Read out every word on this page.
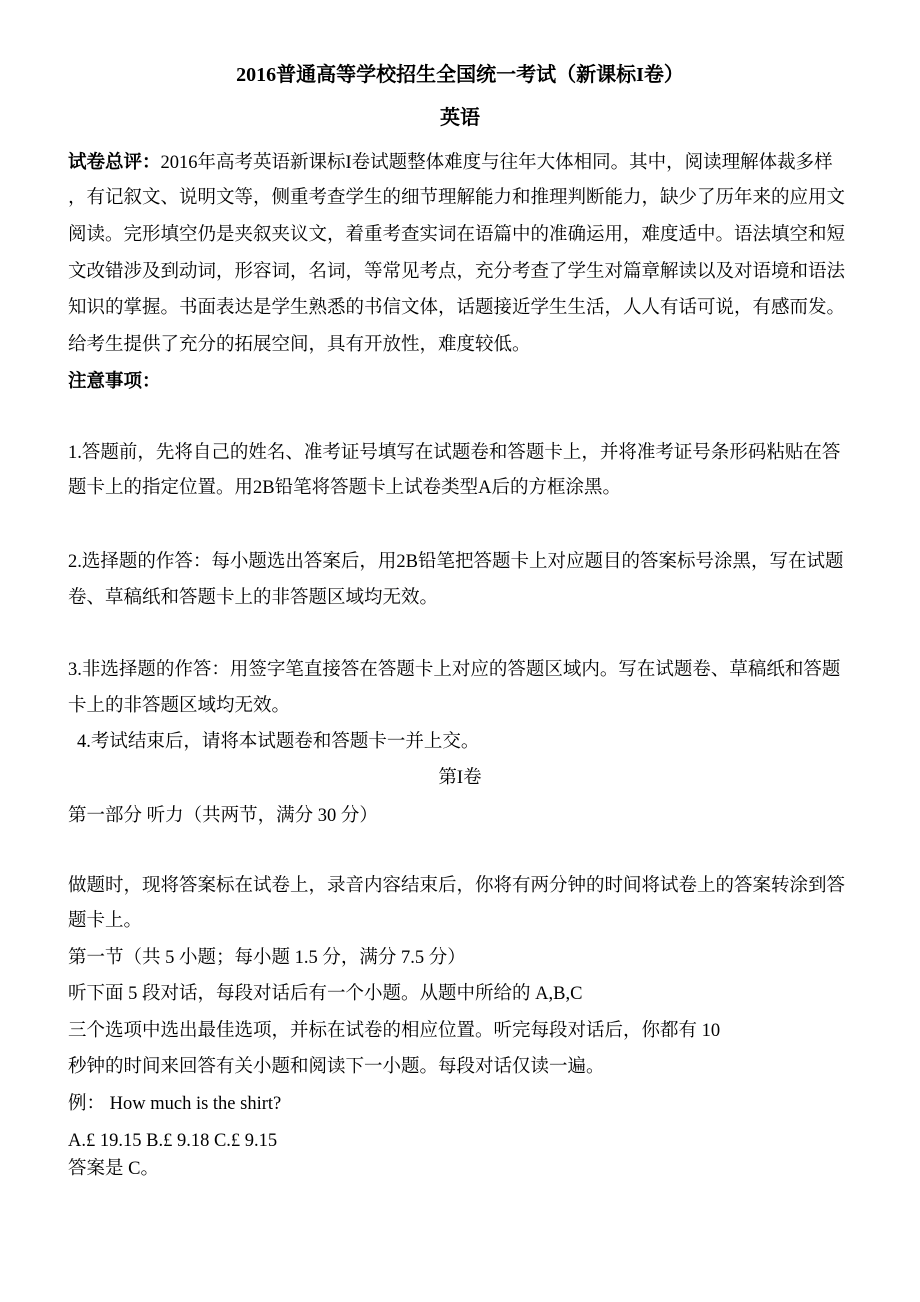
2016普通高等学校招生全国统一考试（新课标I卷）
英语
试卷总评：2016年高考英语新课标I卷试题整体难度与往年大体相同。其中，阅读理解体裁多样
，有记叙文、说明文等，侧重考查学生的细节理解能力和推理判断能力，缺少了历年来的应用文
阅读。完形填空仍是夹叙夹议文，着重考查实词在语篇中的准确运用，难度适中。语法填空和短
文改错涉及到动词，形容词，名词，等常见考点，充分考查了学生对篇章解读以及对语境和语法
知识的掌握。书面表达是学生熟悉的书信文体，话题接近学生生活，人人有话可说，有感而发。
给考生提供了充分的拓展空间，具有开放性，难度较低。
注意事项：
1.答题前，先将自己的姓名、准考证号填写在试题卷和答题卡上，并将准考证号条形码粘贴在答
题卡上的指定位置。用2B铅笔将答题卡上试卷类型A后的方框涂黑。
2.选择题的作答：每小题选出答案后，用2B铅笔把答题卡上对应题目的答案标号涂黑，写在试题
卷、草稿纸和答题卡上的非答题区域均无效。
3.非选择题的作答：用签字笔直接答在答题卡上对应的答题区域内。写在试题卷、草稿纸和答题
卡上的非答题区域均无效。
4.考试结束后，请将本试题卷和答题卡一并上交。
第I卷
第一部分 听力（共两节，满分 30 分）
做题时，现将答案标在试卷上，录音内容结束后，你将有两分钟的时间将试卷上的答案转涂到答
题卡上。
第一节（共 5 小题；每小题 1.5 分，满分 7.5 分）
听下面 5 段对话，每段对话后有一个小题。从题中所给的 A,B,C
三个选项中选出最佳选项，并标在试卷的相应位置。听完每段对话后，你都有 10
秒钟的时间来回答有关小题和阅读下一小题。每段对话仅读一遍。
例： How much is the shirt?
A.£ 19.15 B.£ 9.18 C.£ 9.15
答案是 C。
